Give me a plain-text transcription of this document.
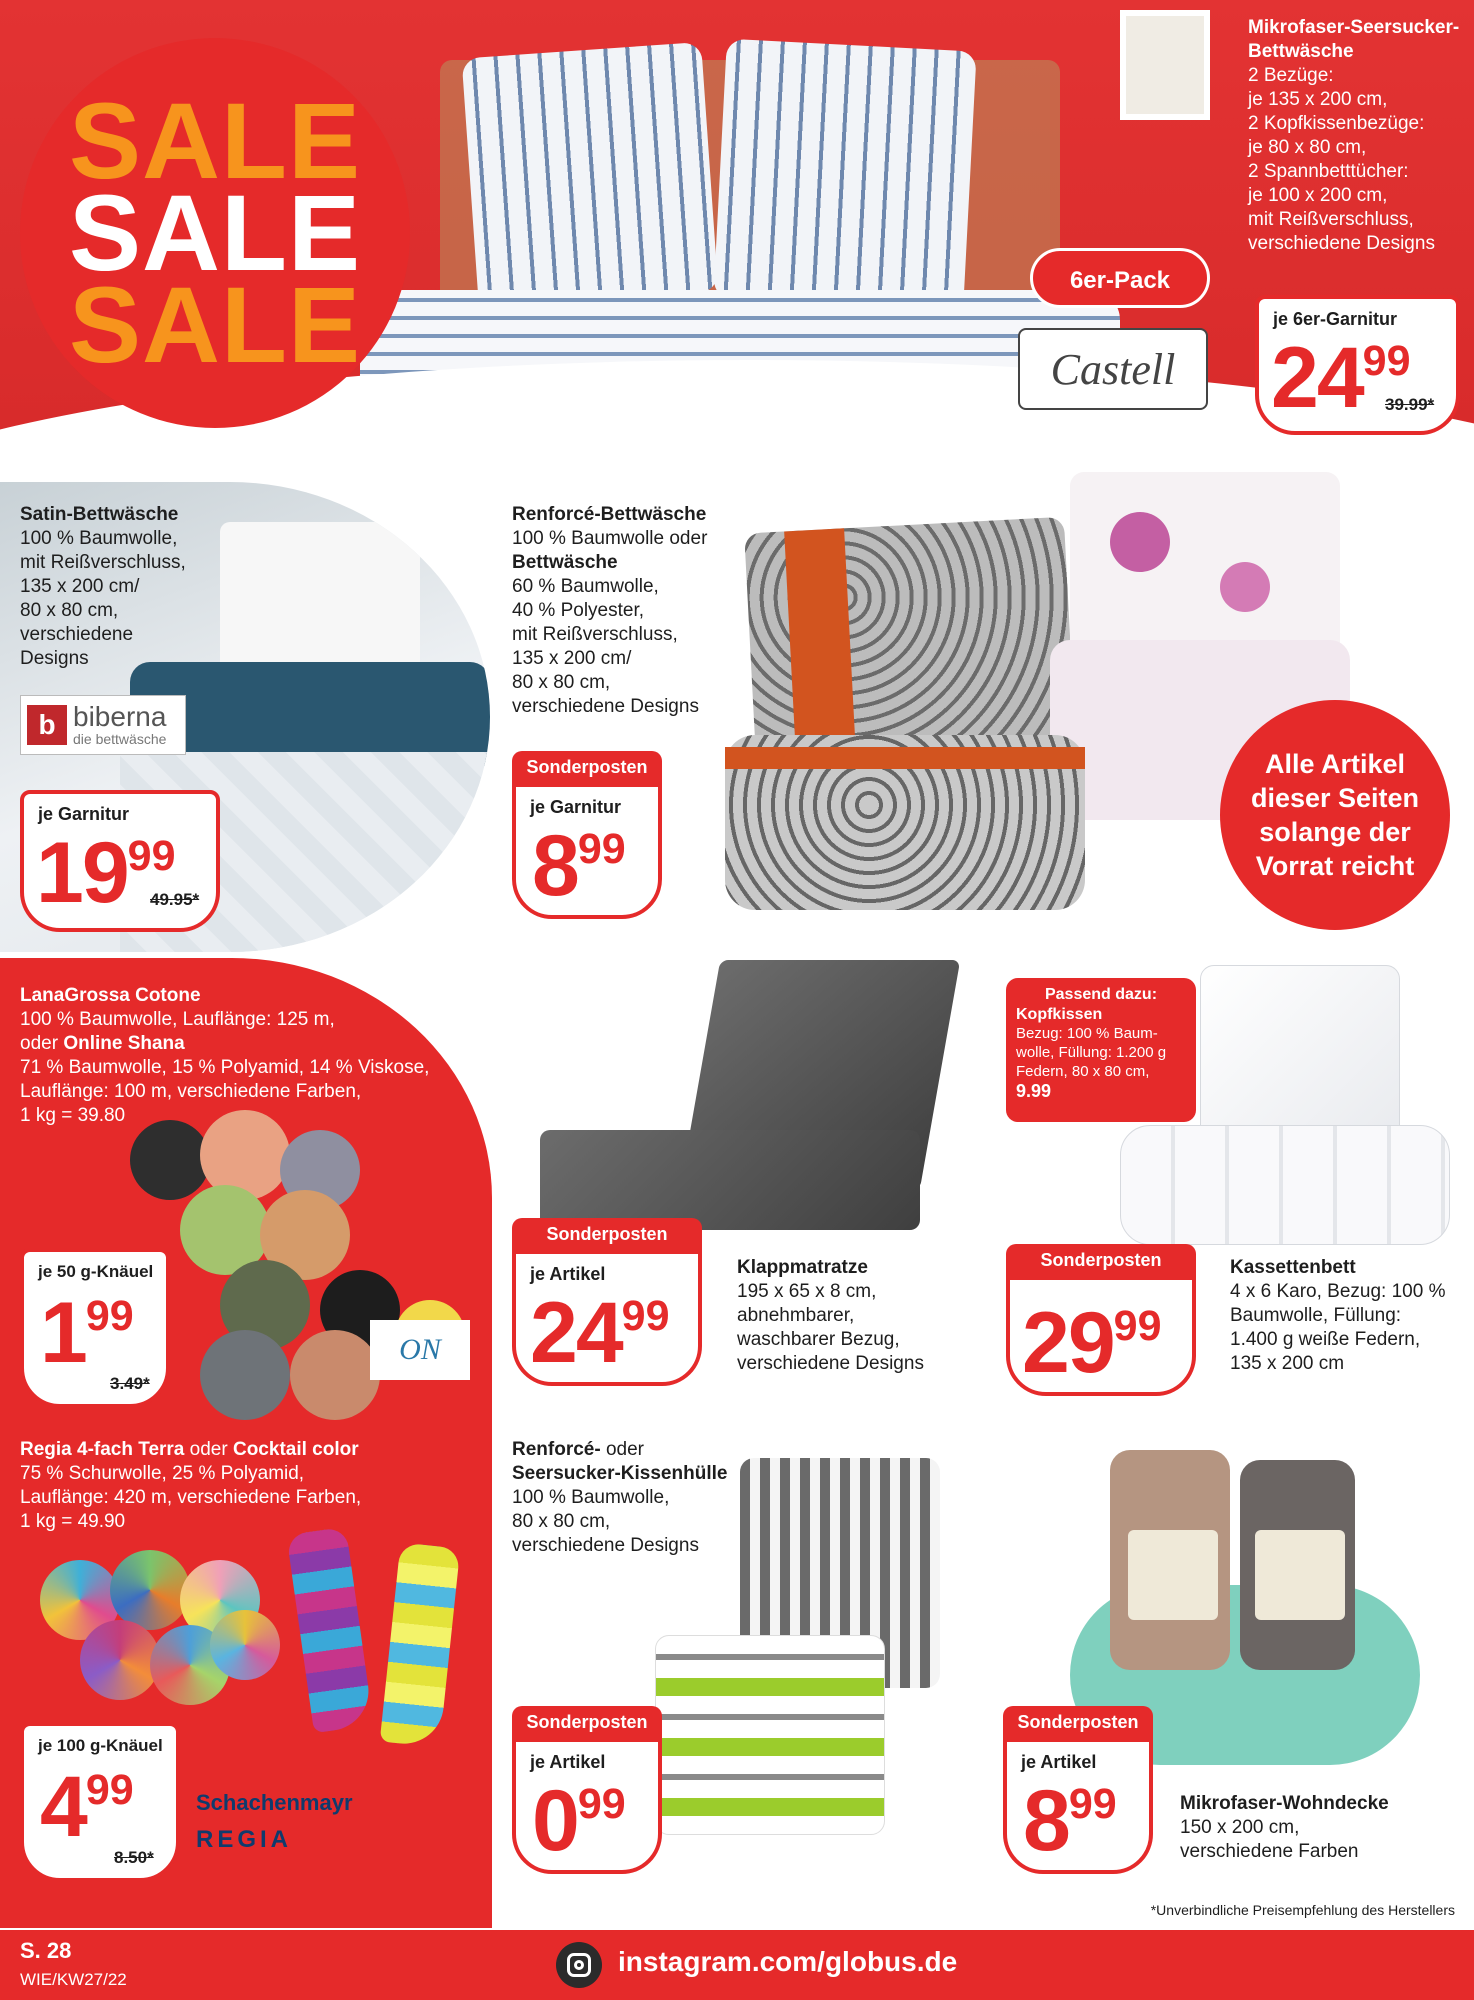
SALE
SALE
SALE
Mikrofaser-Seersucker-
Bettwäsche
2 Bezüge:
je 135 x 200 cm,
2 Kopfkissenbezüge:
je 80 x 80 cm,
2 Spannbetttücher:
je 100 x 200 cm,
mit Reißverschluss,
verschiedene Designs
6er-Pack
Castell
je 6er-Garnitur
$24^{99}$
39.99*
Satin-Bettwäsche
100 % Baumwolle,
mit Reißverschluss,
135 x 200 cm/
80 x 80 cm,
verschiedene
Designs
b biberna
die bettwäsche
je Garnitur
$19^{99}$
49.95*
Renforcé-Bettwäsche
100 % Baumwolle oder
Bettwäsche
60 % Baumwolle,
40 % Polyester,
mit Reißverschluss,
135 x 200 cm/
80 x 80 cm,
verschiedene Designs
Sonderposten
je Garnitur
$8^{99}$
Alle Artikel
dieser Seiten
solange der
Vorrat reicht
LanaGrossa Cotone
100 % Baumwolle, Lauflänge: 125 m,
oder Online Shana
71 % Baumwolle, 15 % Polyamid, 14 % Viskose,
Lauflänge: 100 m, verschiedene Farben,
1 kg = 39.80
ON
je 50 g-Knäuel
$1^{99}$
3.49*
Regia 4-fach Terra oder Cocktail color
75 % Schurwolle, 25 % Polyamid,
Lauflänge: 420 m, verschiedene Farben,
1 kg = 49.90
je 100 g-Knäuel
$4^{99}$
8.50*
Schachenmayr
REGIA
Sonderposten
je Artikel
$24^{99}$
Klappmatratze
195 x 65 x 8 cm,
abnehmbarer,
waschbarer Bezug,
verschiedene Designs
Passend dazu:
Kopfkissen
Bezug: 100 % Baum-
wolle, Füllung: 1.200 g
Federn, 80 x 80 cm,
9.99
Sonderposten
$29^{99}$
Kassettenbett
4 x 6 Karo, Bezug: 100 %
Baumwolle, Füllung:
1.400 g weiße Federn,
135 x 200 cm
Renforcé- oder
Seersucker-Kissenhülle
100 % Baumwolle,
80 x 80 cm,
verschiedene Designs
Sonderposten
je Artikel
$0^{99}$
Sonderposten
je Artikel
$8^{99}$	Mikrofaser-Wohndecke
150 x 200 cm,
verschiedene Farben
*Unverbindliche Preisempfehlung des Herstellers
S. 28
WIE/KW27/22
instagram.com/globus.de
